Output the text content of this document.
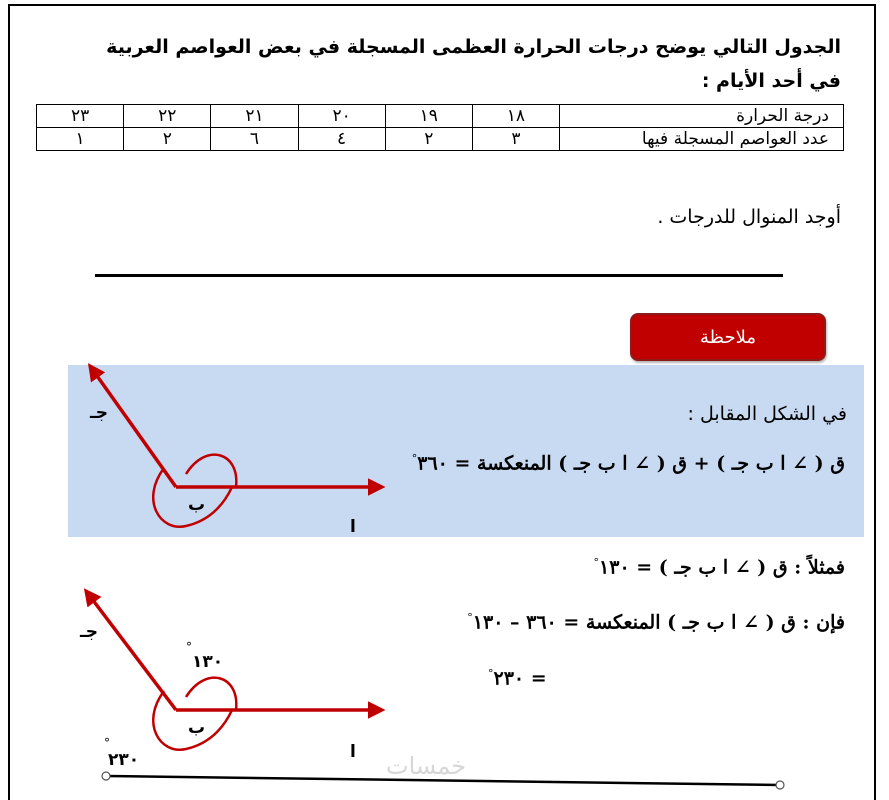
الجدول التالي يوضح درجات الحرارة العظمى المسجلة في بعض العواصم العربية
في أحد الأيام :
درجة الحرارة	١٨	١٩	٢٠	٢١	٢٢	٢٣
عدد العواصم المسجلة فيها	٣	٢	٤	٦	٢	١
أوجد المنوال للدرجات .
ملاحظة
جـ
ب
ا
في الشكل المقابل :
ق ( ∠ ا ب جـ ) + ق ( ∠ ا ب جـ ) المنعكسة = ٣٦٠°
فمثلاً : ق ( ∠ ا ب جـ ) = ١٣٠°
فإن : ق ( ∠ ا ب جـ ) المنعكسة = ٣٦٠ – ١٣٠°
= ٢٣٠°
جـ
ب
ا
١٣٠
°
٢٣٠
°
خمسات
